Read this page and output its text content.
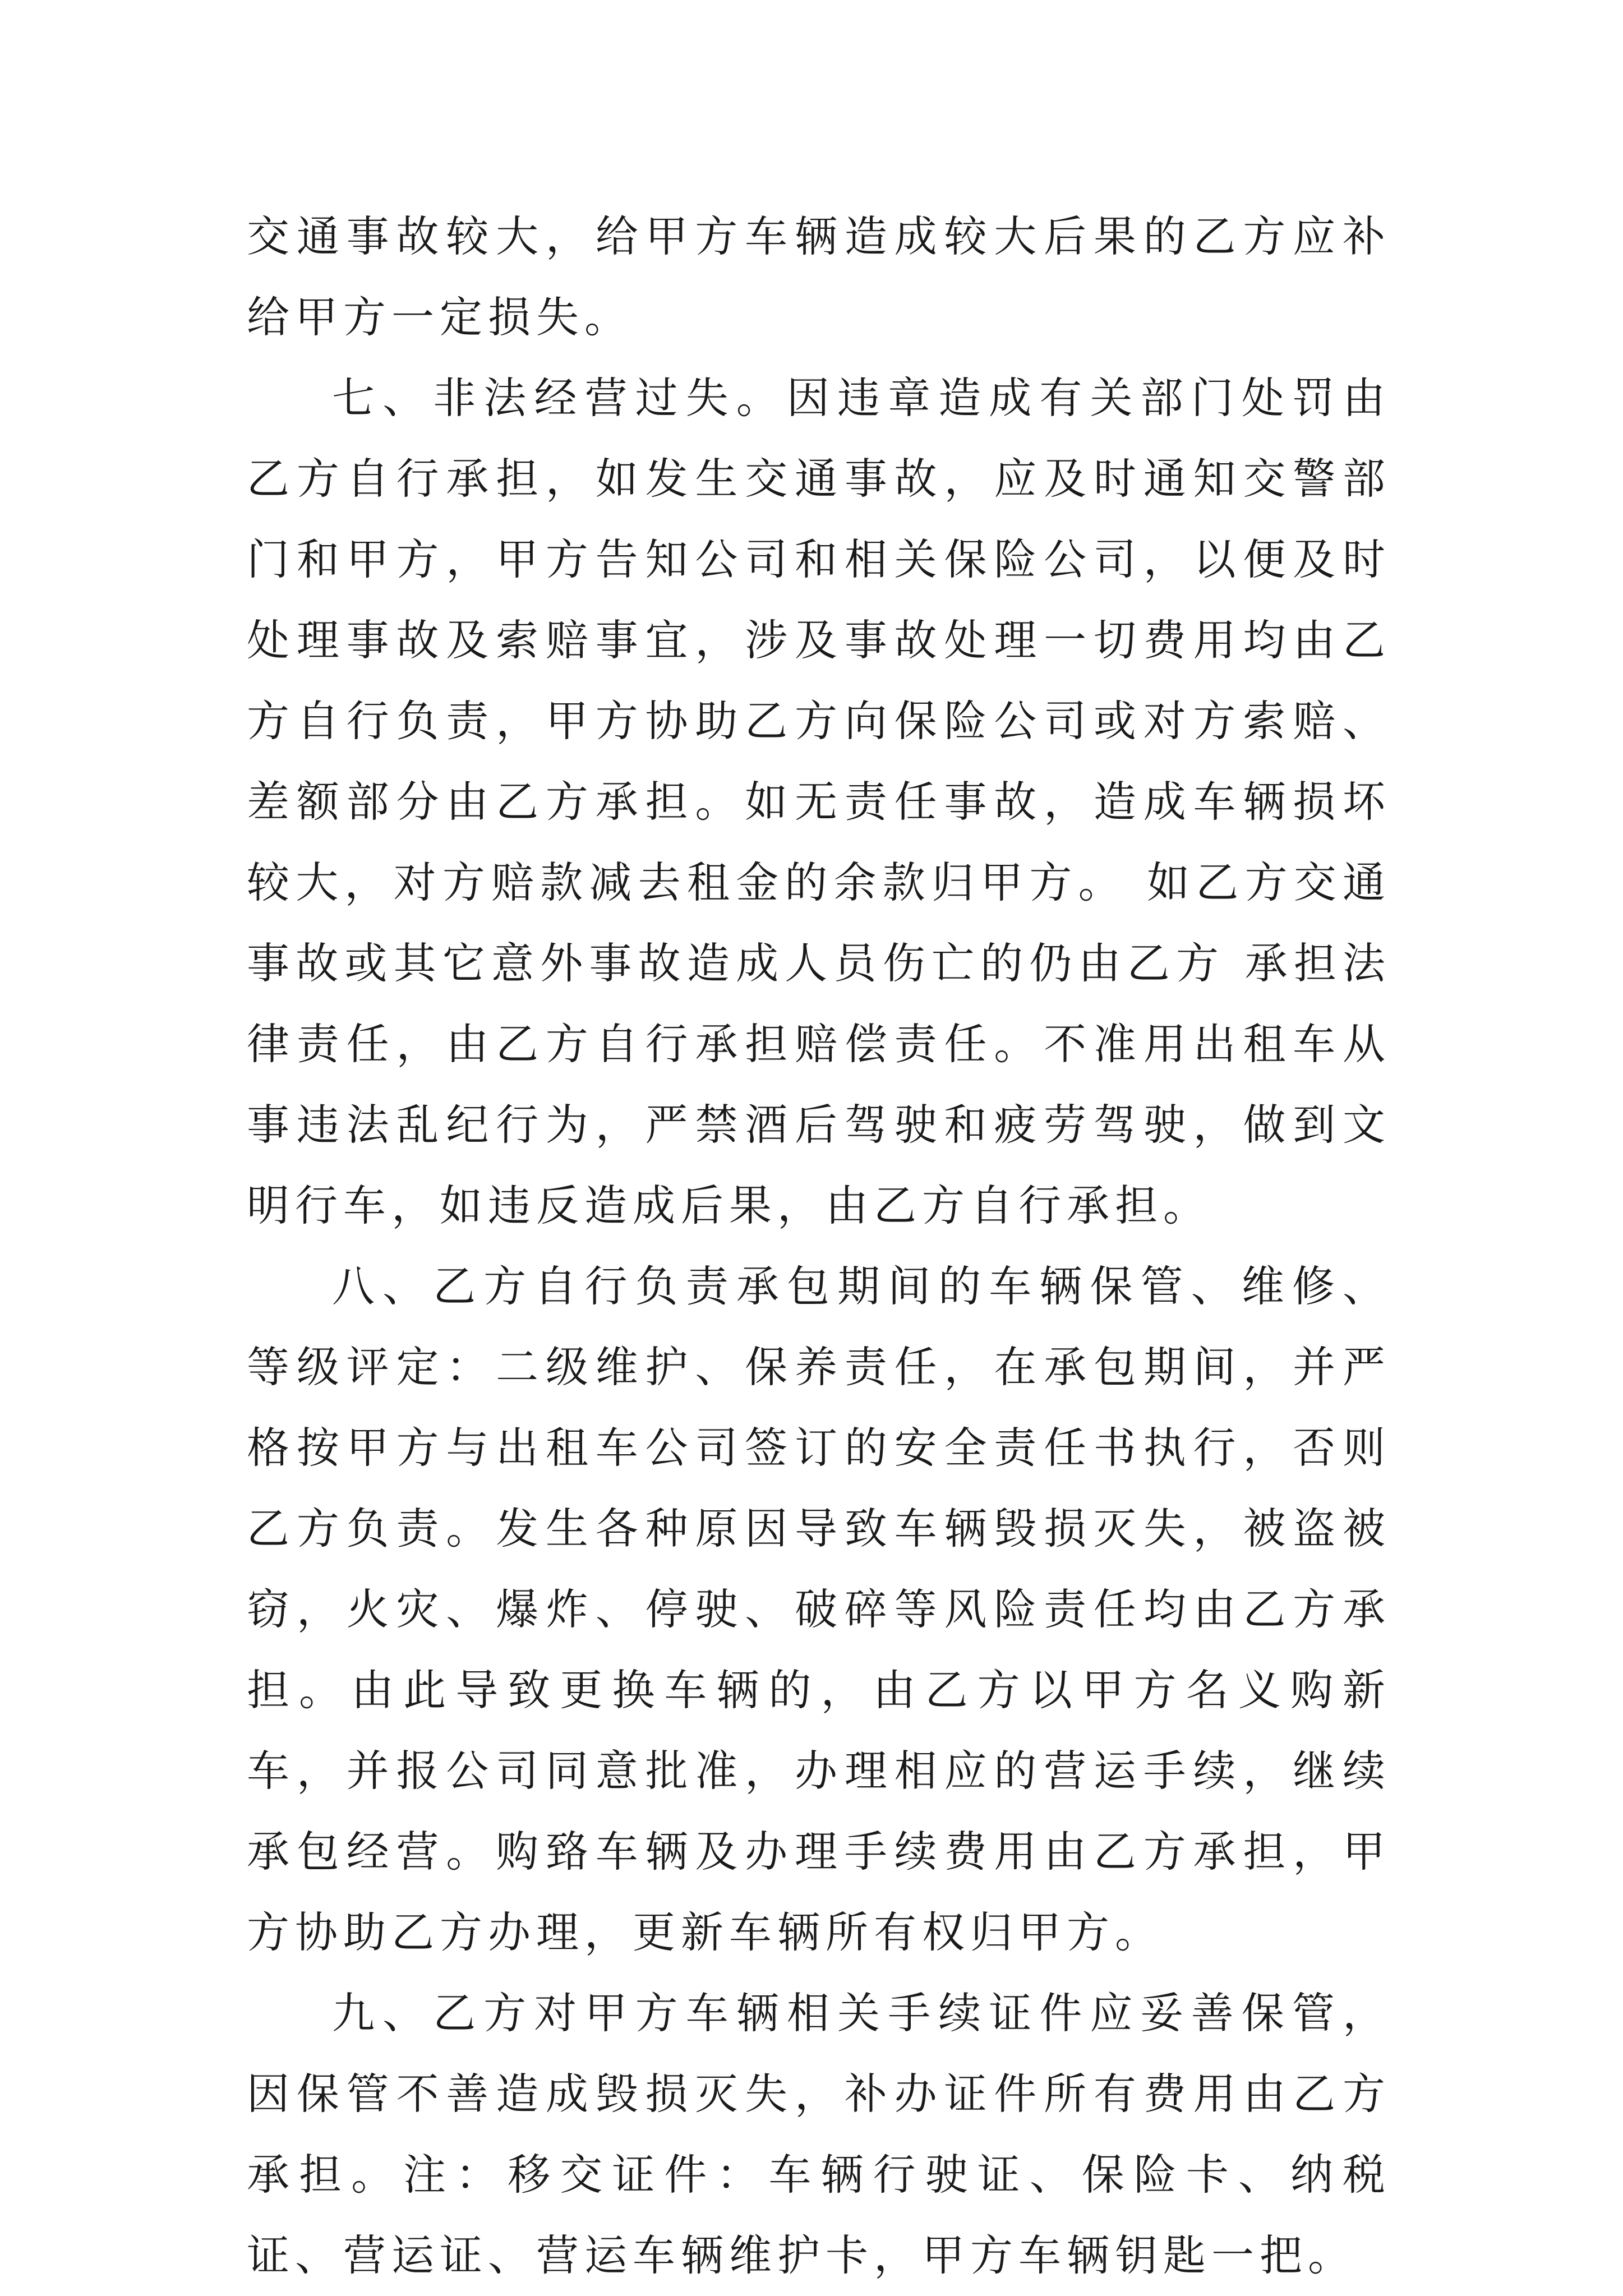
交通事故较大，给甲方车辆造成较大后果的乙方应补给甲方一定损失。

七、非法经营过失。因违章造成有关部门处罚由乙方自行承担，如发生交通事故，应及时通知交警部门和甲方，甲方告知公司和相关保险公司，以便及时处理事故及索赔事宜，涉及事故处理一切费用均由乙方自行负责，甲方协助乙方向保险公司或对方索赔、差额部分由乙方承担。如无责任事故，造成车辆损坏较大，对方赔款减去租金的余款归甲方。 如乙方交通事故或其它意外事故造成人员伤亡的仍由乙方 承担法律责任，由乙方自行承担赔偿责任。不准用出租车从事违法乱纪行为，严禁酒后驾驶和疲劳驾驶，做到文明行车，如违反造成后果，由乙方自行承担。

八、乙方自行负责承包期间的车辆保管、维修、等级评定：二级维护、保养责任，在承包期间，并严格按甲方与出租车公司签订的安全责任书执行，否则乙方负责。发生各种原因导致车辆毁损灭失，被盗被窃，火灾、爆炸、停驶、破碎等风险责任均由乙方承担。由此导致更换车辆的，由乙方以甲方名义购新车，并报公司同意批准，办理相应的营运手续，继续承包经营。购臵车辆及办理手续费用由乙方承担，甲方协助乙方办理，更新车辆所有权归甲方。

九、乙方对甲方车辆相关手续证件应妥善保管，因保管不善造成毁损灭失，补办证件所有费用由乙方承担。注：移交证件：车辆行驶证、保险卡、纳税证、营运证、营运车辆维护卡，甲方车辆钥匙一把。
